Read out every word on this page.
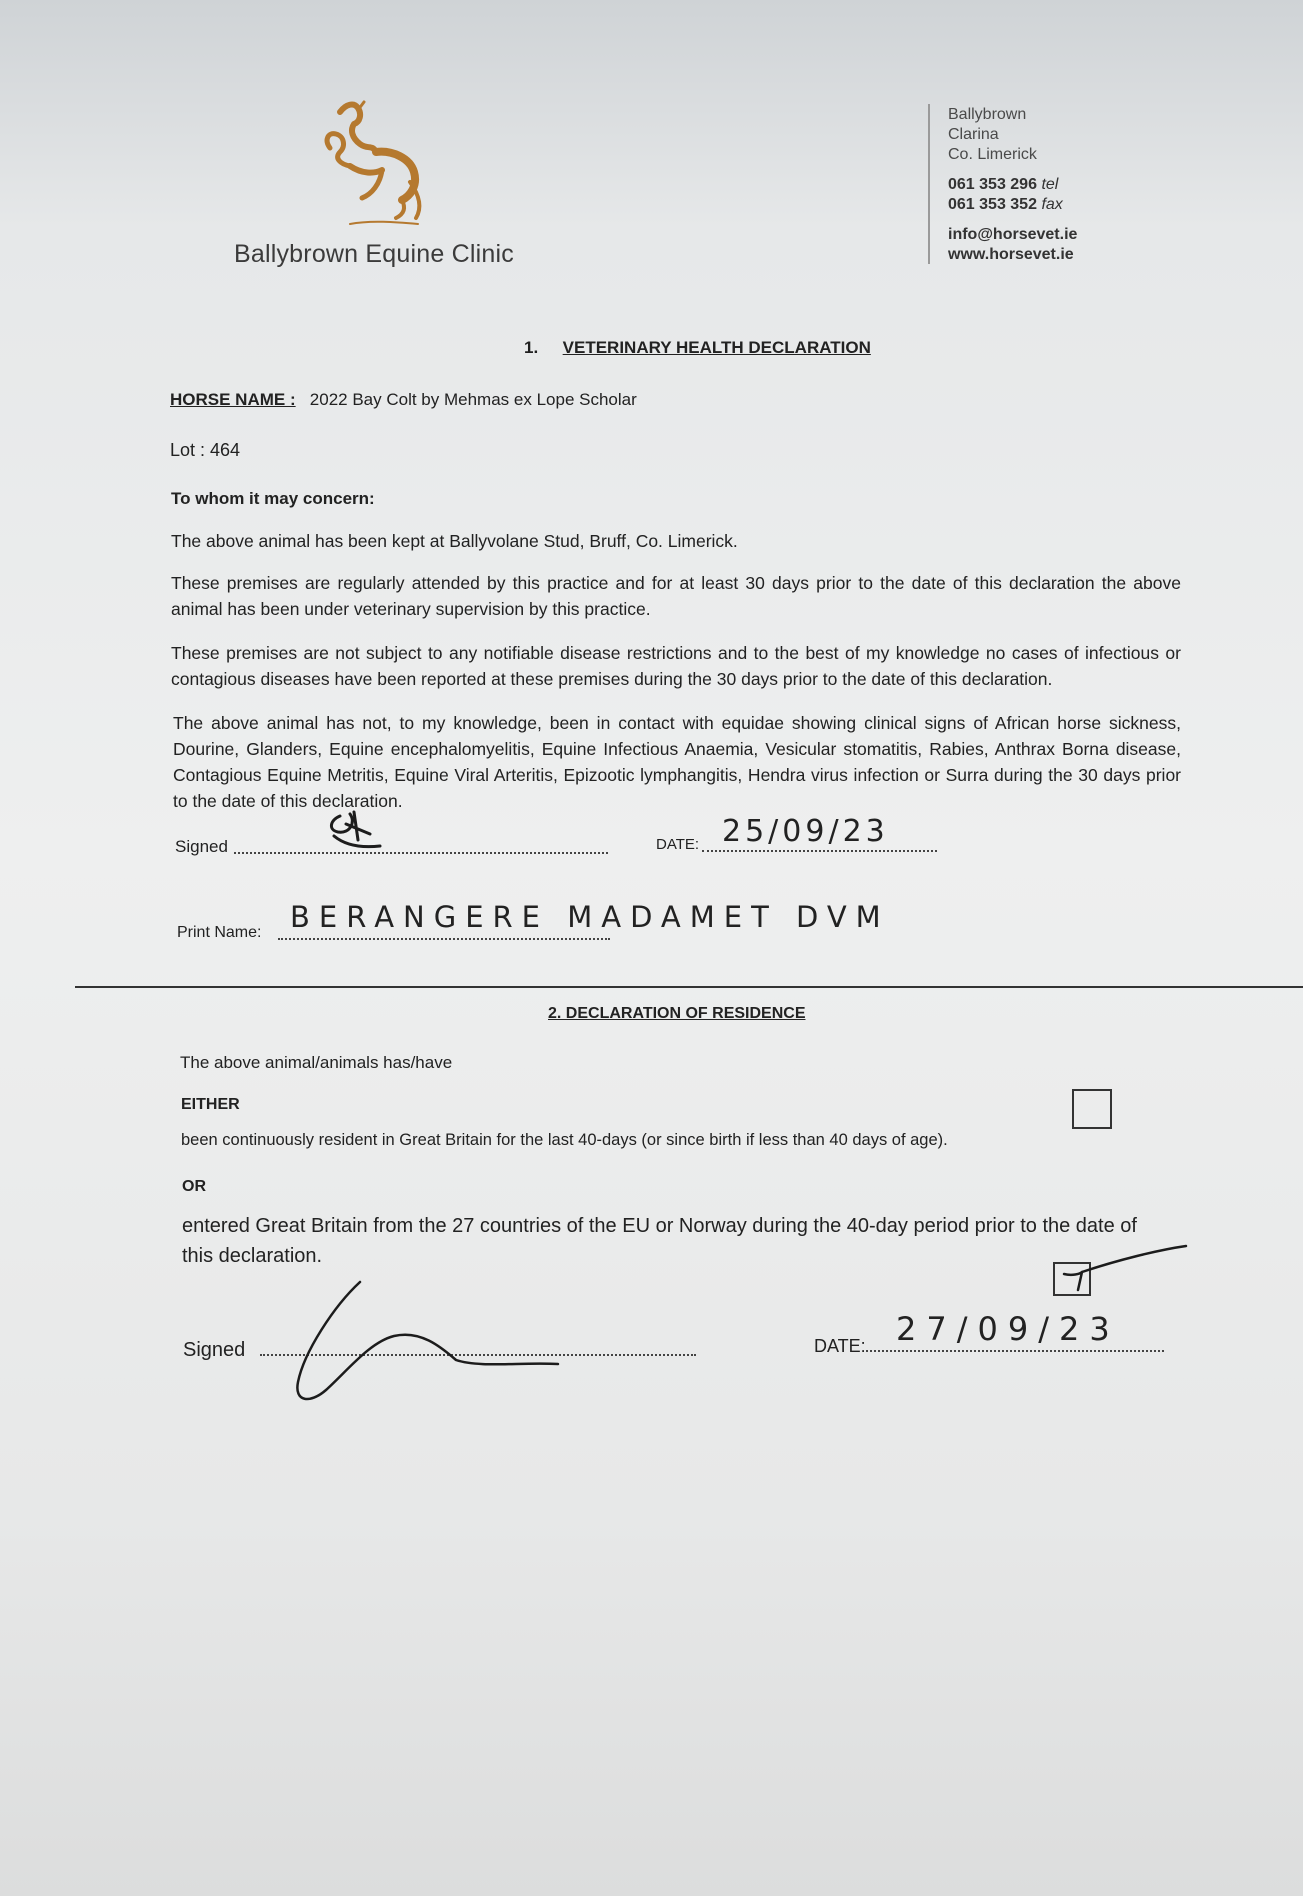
Ballybrown Equine Clinic
Ballybrown
Clarina
Co. Limerick
061 353 296 tel
061 353 352 fax
info@horsevet.ie
www.horsevet.ie
1. VETERINARY HEALTH DECLARATION
HORSE NAME : 2022 Bay Colt by Mehmas ex Lope Scholar
Lot : 464
To whom it may concern:
The above animal has been kept at Ballyvolane Stud, Bruff, Co. Limerick.
These premises are regularly attended by this practice and for at least 30 days prior to the date of this declaration the above animal has been under veterinary supervision by this practice.
These premises are not subject to any notifiable disease restrictions and to the best of my knowledge no cases of infectious or contagious diseases have been reported at these premises during the 30 days prior to the date of this declaration.
The above animal has not, to my knowledge, been in contact with equidae showing clinical signs of African horse sickness, Dourine, Glanders, Equine encephalomyelitis, Equine Infectious Anaemia, Vesicular stomatitis, Rabies, Anthrax Borna disease, Contagious Equine Metritis, Equine Viral Arteritis, Epizootic lymphangitis, Hendra virus infection or Surra during the 30 days prior to the date of this declaration.
Signed	DATE: 25/09/23
Print Name: BERANGERE MADAMET DVM
2. DECLARATION OF RESIDENCE
The above animal/animals has/have
EITHER
been continuously resident in Great Britain for the last 40-days (or since birth if less than 40 days of age).
OR
entered Great Britain from the 27 countries of the EU or Norway during the 40-day period prior to the date of this declaration.
Signed	DATE: 27/09/23
